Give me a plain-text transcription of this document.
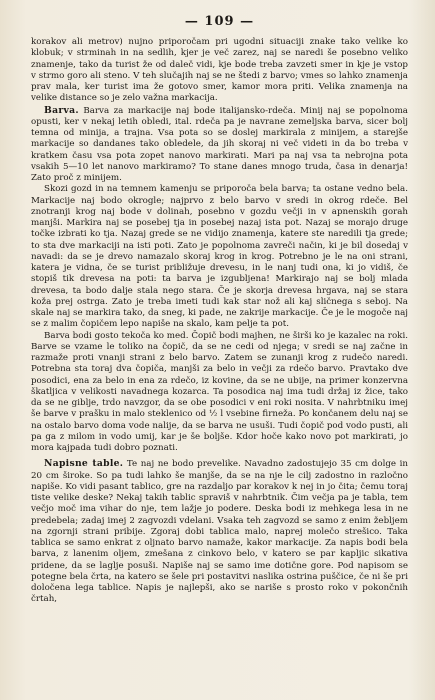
— 109 —

korakov ali metrov) nujno priporočam pri ugodni situaciji znake tako velike ko klobuk; v strminah in na sedlih, kjer je več zarez, naj se naredi še posebno veliko znamenje, tako da turist že od daleč vidi, kje bode treba zavzeti smer in kje je vstop v strmo goro ali steno. V teh slučajih naj se ne štedi z barvo; vmes so lahko znamenja prav mala, ker turist ima že gotovo smer, kamor mora priti. Velika znamenja na velike distance so je zelo važna markacija.

Barva. Barva za markacije naj bode italijansko-rdeča. Minij naj se popolnoma opusti, ker v nekaj letih obledi, ital. rdeča pa je navrane zemeljska barva, sicer bolj temna od minija, a trajna. Vsa pota so se doslej markirala z minijem, a starejše markacije so dandanes tako obledele, da jih skoraj ni več videti in da bo treba v kratkem času vsa pota zopet nanovo markirati. Mari pa naj vsa ta nebrojna pota vsakih 5—10 let nanovo markiramo? To stane danes mnogo truda, časa in denarja! Zato proč z minijem.

Skozi gozd in na temnem kamenju se priporoča bela barva; ta ostane vedno bela. Markacije naj bodo okrogle; najprvo z belo barvo v sredi in okrog rdeče. Bel znotranji krog naj bode v dolinah, posebno v gozdu večji in v apnenskih gorah manjši. Markira naj se posebej tja in posebej nazaj ista pot. Nazaj se morajo druge točke izbrati ko tja. Nazaj grede se ne vidijo znamenja, katere ste naredili tja grede; to sta dve markaciji na isti poti. Zato je popolnoma zavreči način, ki je bil dosedaj v navadi: da se je drevo namazalo skoraj krog in krog. Potrebno je le na oni strani, katera je vidna, če se turist približuje drevesu, in le nanj tudi ona, ki jo vidiš, če stopiš tik drevesa na poti: ta barva je izgubljena! Markirajo naj se bolj mlada drevesa, ta bodo dalje stala nego stara. Če je skorja drevesa hrgava, naj se stara koža prej ostrga. Zato je treba imeti tudi kak star nož ali kaj sličnega s seboj. Na skale naj se markira tako, da sneg, ki pade, ne zakrije markacije. Če je le mogoče naj se z malim čopičem lepo napiše na skalo, kam pelje ta pot.

Barva bodi gosto tekoča ko med. Čopič bodi majhen, ne širši ko je kazalec na roki. Barve se vzame le toliko na čopič, da se ne cedi od njega; v sredi se naj začne in razmaže proti vnanji strani z belo barvo. Zatem se zunanji krog z rudečo naredi. Potrebna sta toraj dva čopiča, manjši za belo in večji za rdečo barvo. Pravtako dve posodici, ena za belo in ena za rdečo, iz kovine, da se ne ubije, na primer konzervna škatljica v velikosti navadnega kozarca. Ta posodica naj ima tudi držaj iz žice, tako da se ne giblje, trdo navzgor, da se obe posodici v eni roki nosita. V nahrbtniku imej še barve v prašku in malo steklenico od ½ l vsebine firneža. Po končanem delu naj se na ostalo barvo doma vode nalije, da se barva ne usuši. Tudi čopič pod vodo pusti, ali pa ga z milom in vodo umij, kar je še boljše. Kdor hoče kako novo pot markirati, jo mora kajpada tudi dobro poznati.

Napisne table. Te naj ne bodo prevelike. Navadno zadostujejo 35 cm dolge in 20 cm široke. So pa tudi lahko še manjše, da se na nje le cilj zadostno in razločno napiše. Ko vidi pasant tablico, gre na razdaljo par korakov k nej in jo čita; čemu toraj tiste velike deske? Nekaj takih tablic spraviš v nahrbtnik. Čim večja pa je tabla, tem večjo moč ima vihar do nje, tem lažje jo podere. Deska bodi iz mehkega lesa in ne predebela; zadaj imej 2 zagvozdi vdelani. Vsaka teh zagvozd se samo z enim žebljem na zgornji strani pribije. Zgoraj dobi tablica malo, naprej molečo strešico. Taka tablica se samo enkrat z oljnato barvo namaže, kakor markacije. Za napis bodi bela barva, z lanenim oljem, zmešana z cinkovo belo, v katero se par kapljic sikativa pridene, da se laglje posuši. Napiše naj se samo ime dotične gore. Pod napisom se potegne bela črta, na katero se šele pri postavitvi naslika ostrina puščice, če ni še pri določena lega tablice. Napis je najlepši, ako se nariše s prosto roko v pokončnih črtah,
